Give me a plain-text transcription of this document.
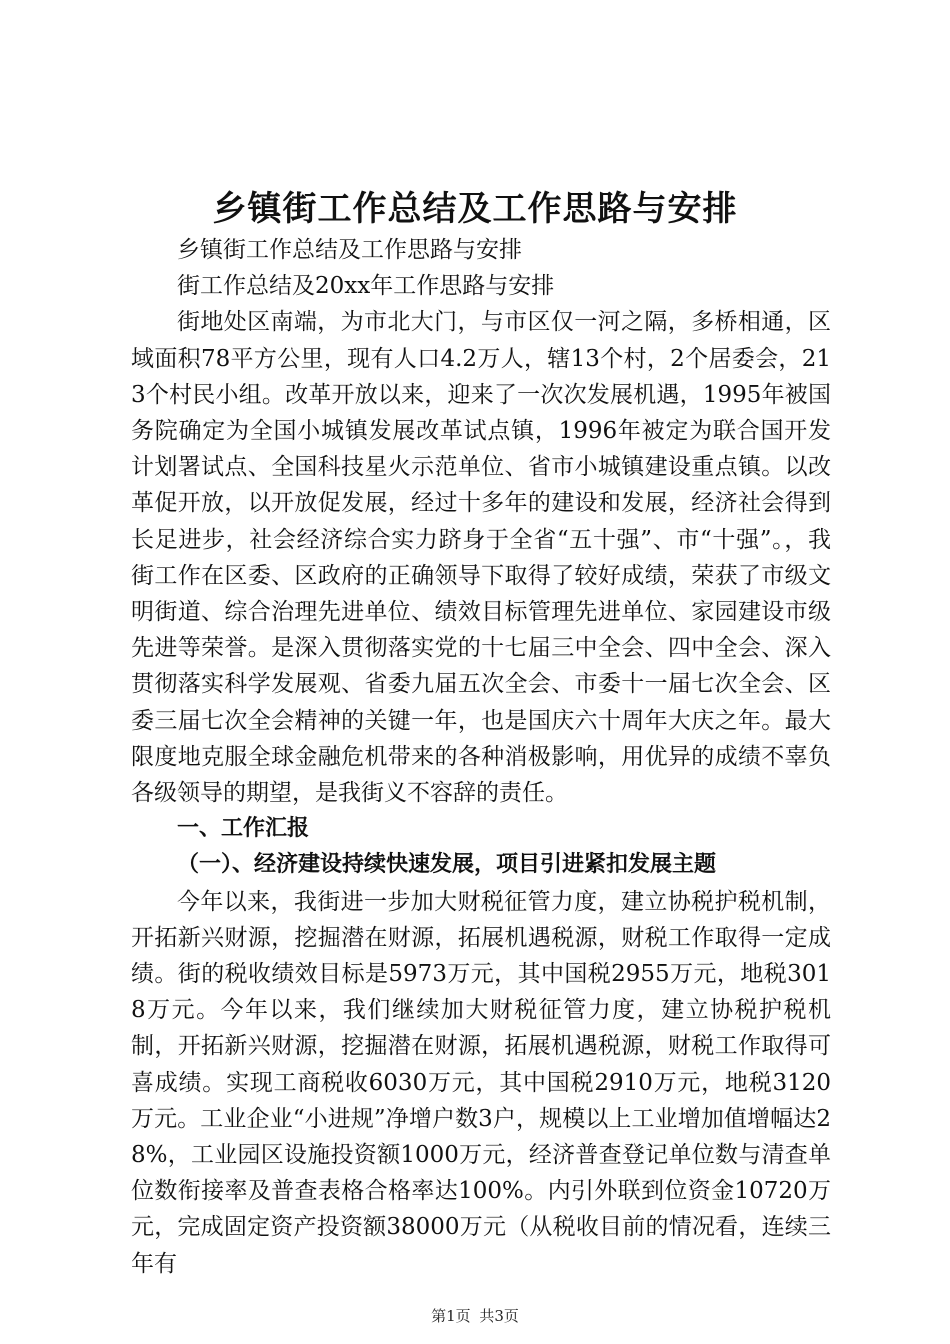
乡镇街工作总结及工作思路与安排

乡镇街工作总结及工作思路与安排

街工作总结及20xx年工作思路与安排

街地处区南端，为市北大门，与市区仅一河之隔，多桥相通，区域面积78平方公里，现有人口4.2万人，辖13个村，2个居委会，213个村民小组。改革开放以来，迎来了一次次发展机遇，1995年被国务院确定为全国小城镇发展改革试点镇，1996年被定为联合国开发计划署试点、全国科技星火示范单位、省市小城镇建设重点镇。以改革促开放，以开放促发展，经过十多年的建设和发展，经济社会得到长足进步，社会经济综合实力跻身于全省“五十强”、市“十强”。，我街工作在区委、区政府的正确领导下取得了较好成绩，荣获了市级文明街道、综合治理先进单位、绩效目标管理先进单位、家园建设市级先进等荣誉。是深入贯彻落实党的十七届三中全会、四中全会、深入贯彻落实科学发展观、省委九届五次全会、市委十一届七次全会、区委三届七次全会精神的关键一年，也是国庆六十周年大庆之年。最大限度地克服全球金融危机带来的各种消极影响，用优异的成绩不辜负各级领导的期望，是我街义不容辞的责任。

一、工作汇报

（一）、经济建设持续快速发展，项目引进紧扣发展主题

今年以来，我街进一步加大财税征管力度，建立协税护税机制，开拓新兴财源，挖掘潜在财源，拓展机遇税源，财税工作取得一定成绩。街的税收绩效目标是5973万元，其中国税2955万元，地税3018万元。今年以来，我们继续加大财税征管力度，建立协税护税机制，开拓新兴财源，挖掘潜在财源，拓展机遇税源，财税工作取得可喜成绩。实现工商税收6030万元，其中国税2910万元，地税3120万元。工业企业“小进规”净增户数3户，规模以上工业增加值增幅达28%，工业园区设施投资额1000万元，经济普查登记单位数与清查单位数衔接率及普查表格合格率达100%。内引外联到位资金10720万元，完成固定资产投资额38000万元（从税收目前的情况看，连续三年有

第1页 共3页
